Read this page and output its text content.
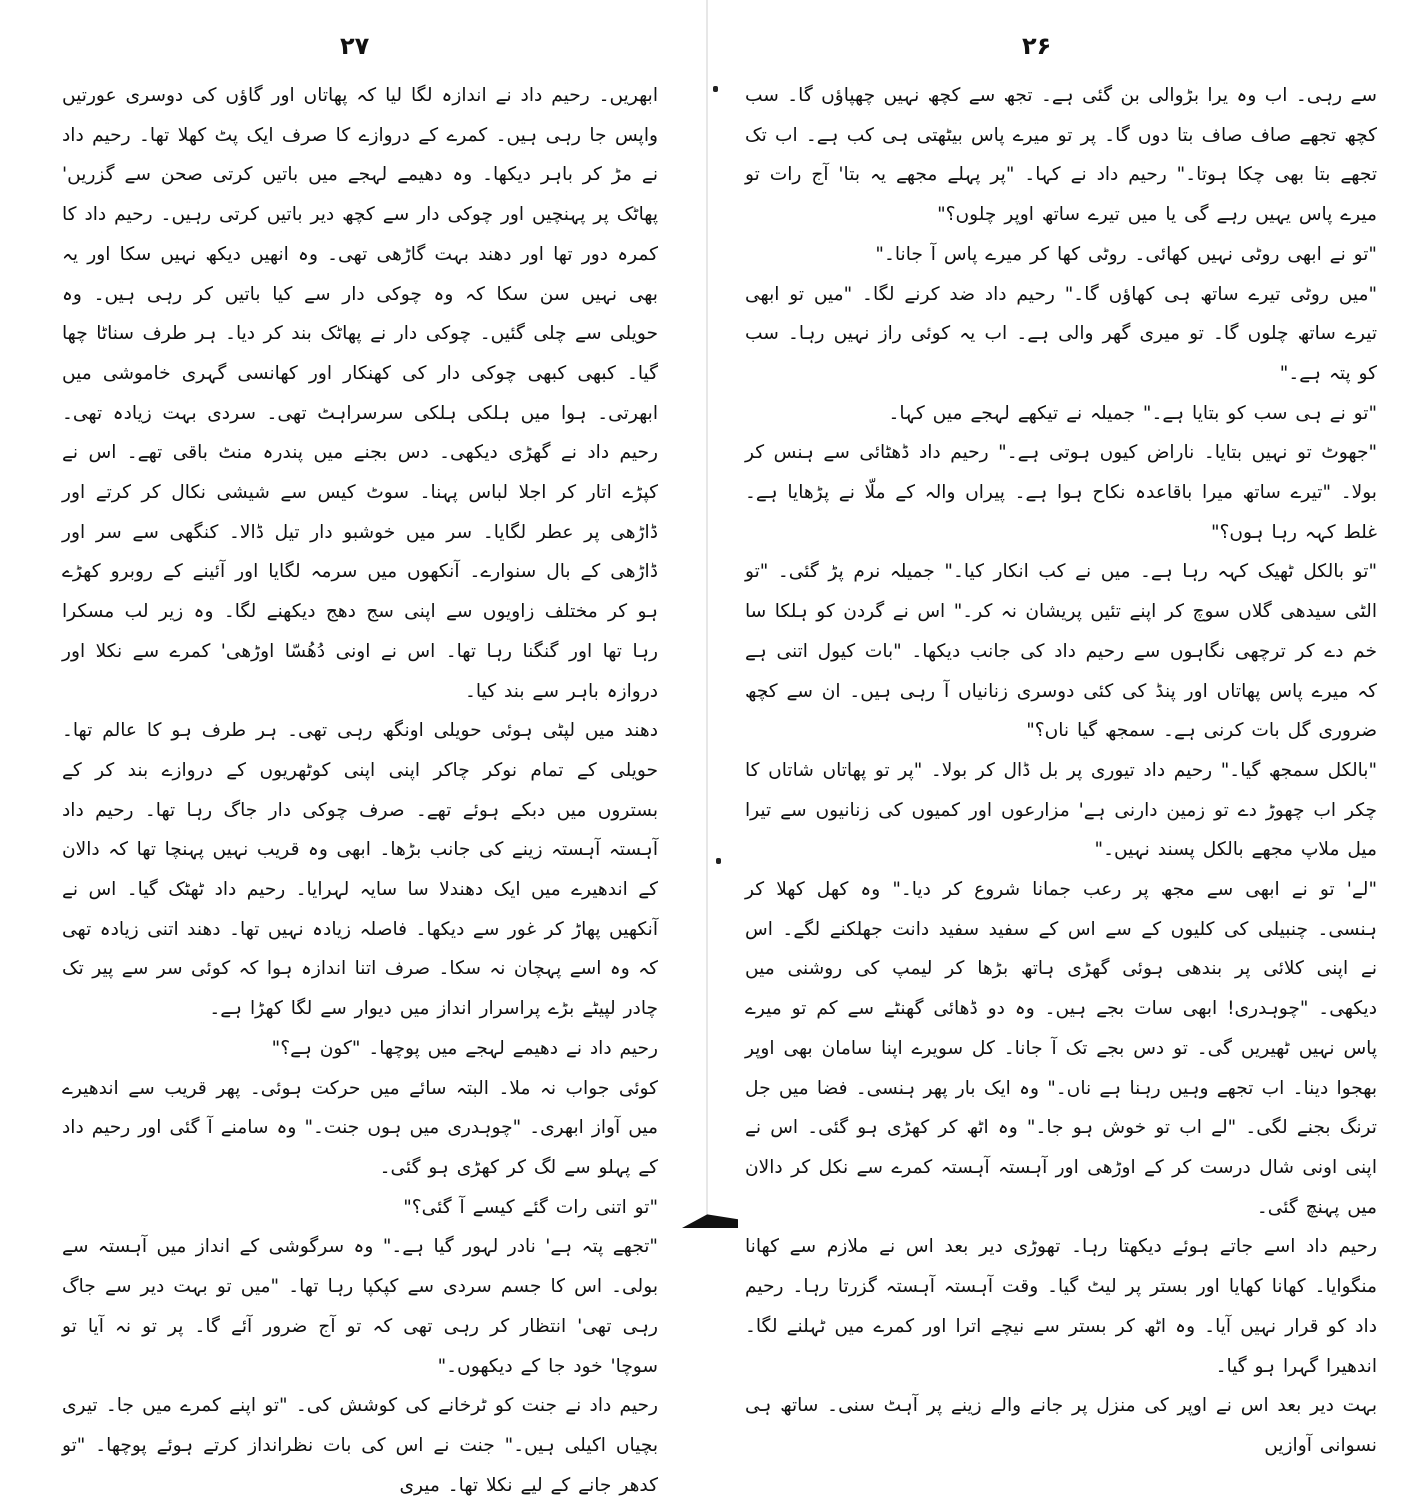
۲۷

ابھریں۔ رحیم داد نے اندازہ لگا لیا کہ پھاتاں اور گاؤں کی دوسری عورتیں واپس جا رہی ہیں۔ کمرے کے دروازے کا صرف ایک پٹ کھلا تھا۔ رحیم داد نے مڑ کر باہر دیکھا۔ وہ دھیمے لہجے میں باتیں کرتی صحن سے گزریں' پھاٹک پر پہنچیں اور چوکی دار سے کچھ دیر باتیں کرتی رہیں۔ رحیم داد کا کمرہ دور تھا اور دھند بہت گاڑھی تھی۔ وہ انھیں دیکھ نہیں سکا اور یہ بھی نہیں سن سکا کہ وہ چوکی دار سے کیا باتیں کر رہی ہیں۔ وہ حویلی سے چلی گئیں۔ چوکی دار نے پھاٹک بند کر دیا۔ ہر طرف سناٹا چھا گیا۔ کبھی کبھی چوکی دار کی کھنکار اور کھانسی گہری خاموشی میں ابھرتی۔ ہوا میں ہلکی ہلکی سرسراہٹ تھی۔ سردی بہت زیادہ تھی۔ رحیم داد نے گھڑی دیکھی۔ دس بجنے میں پندرہ منٹ باقی تھے۔ اس نے کپڑے اتار کر اجلا لباس پہنا۔ سوٹ کیس سے شیشی نکال کر کرتے اور ڈاڑھی پر عطر لگایا۔ سر میں خوشبو دار تیل ڈالا۔ کنگھی سے سر اور ڈاڑھی کے بال سنوارے۔ آنکھوں میں سرمہ لگایا اور آئینے کے روبرو کھڑے ہو کر مختلف زاویوں سے اپنی سج دھج دیکھنے لگا۔ وہ زیر لب مسکرا رہا تھا اور گنگنا رہا تھا۔ اس نے اونی دُھُسّا اوڑھی' کمرے سے نکلا اور دروازہ باہر سے بند کیا۔

دھند میں لپٹی ہوئی حویلی اونگھ رہی تھی۔ ہر طرف ہو کا عالم تھا۔ حویلی کے تمام نوکر چاکر اپنی اپنی کوٹھریوں کے دروازے بند کر کے بستروں میں دبکے ہوئے تھے۔ صرف چوکی دار جاگ رہا تھا۔ رحیم داد آہستہ آہستہ زینے کی جانب بڑھا۔ ابھی وہ قریب نہیں پہنچا تھا کہ دالان کے اندھیرے میں ایک دھندلا سا سایہ لہرایا۔ رحیم داد ٹھٹک گیا۔ اس نے آنکھیں پھاڑ کر غور سے دیکھا۔ فاصلہ زیادہ نہیں تھا۔ دھند اتنی زیادہ تھی کہ وہ اسے پہچان نہ سکا۔ صرف اتنا اندازہ ہوا کہ کوئی سر سے پیر تک چادر لپیٹے بڑے پراسرار انداز میں دیوار سے لگا کھڑا ہے۔

رحیم داد نے دھیمے لہجے میں پوچھا۔ "کون ہے؟"

کوئی جواب نہ ملا۔ البتہ سائے میں حرکت ہوئی۔ پھر قریب سے اندھیرے میں آواز ابھری۔ "چوہدری میں ہوں جنت۔" وہ سامنے آ گئی اور رحیم داد کے پہلو سے لگ کر کھڑی ہو گئی۔

"تو اتنی رات گئے کیسے آ گئی؟"

"تجھے پتہ ہے' نادر لہور گیا ہے۔" وہ سرگوشی کے انداز میں آہستہ سے بولی۔ اس کا جسم سردی سے کپکپا رہا تھا۔ "میں تو بہت دیر سے جاگ رہی تھی' انتظار کر رہی تھی کہ تو آج ضرور آئے گا۔ پر تو نہ آیا تو سوچا' خود جا کے دیکھوں۔"

رحیم داد نے جنت کو ٹرخانے کی کوشش کی۔ "تو اپنے کمرے میں جا۔ تیری بچیاں اکیلی ہیں۔" جنت نے اس کی بات نظرانداز کرتے ہوئے پوچھا۔ "تو کدھر جانے کے لیے نکلا تھا۔ میری

۲۶

سے رہی۔ اب وہ یرا بڑوالی بن گئی ہے۔ تجھ سے کچھ نہیں چھپاؤں گا۔ سب کچھ تجھے صاف صاف بتا دوں گا۔ پر تو میرے پاس بیٹھتی ہی کب ہے۔ اب تک تجھے بتا بھی چکا ہوتا۔" رحیم داد نے کہا۔ "پر پہلے مجھے یہ بتا' آج رات تو میرے پاس یہیں رہے گی یا میں تیرے ساتھ اوپر چلوں؟"

"تو نے ابھی روٹی نہیں کھائی۔ روٹی کھا کر میرے پاس آ جانا۔"

"میں روٹی تیرے ساتھ ہی کھاؤں گا۔" رحیم داد ضد کرنے لگا۔ "میں تو ابھی تیرے ساتھ چلوں گا۔ تو میری گھر والی ہے۔ اب یہ کوئی راز نہیں رہا۔ سب کو پتہ ہے۔"

"تو نے ہی سب کو بتایا ہے۔" جمیلہ نے تیکھے لہجے میں کہا۔

"جھوٹ تو نہیں بتایا۔ ناراض کیوں ہوتی ہے۔" رحیم داد ڈھٹائی سے ہنس کر بولا۔ "تیرے ساتھ میرا باقاعدہ نکاح ہوا ہے۔ پیراں والہ کے ملّا نے پڑھایا ہے۔ غلط کہہ رہا ہوں؟"

"تو بالکل ٹھیک کہہ رہا ہے۔ میں نے کب انکار کیا۔" جمیلہ نرم پڑ گئی۔ "تو الٹی سیدھی گلاں سوچ کر اپنے تئیں پریشان نہ کر۔" اس نے گردن کو ہلکا سا خم دے کر ترچھی نگاہوں سے رحیم داد کی جانب دیکھا۔ "بات کیول اتنی ہے کہ میرے پاس پھاتاں اور پنڈ کی کئی دوسری زنانیاں آ رہی ہیں۔ ان سے کچھ ضروری گل بات کرنی ہے۔ سمجھ گیا ناں؟"

"بالکل سمجھ گیا۔" رحیم داد تیوری پر بل ڈال کر بولا۔ "پر تو پھاتاں شاتاں کا چکر اب چھوڑ دے تو زمین دارنی ہے' مزارعوں اور کمیوں کی زنانیوں سے تیرا میل ملاپ مجھے بالکل پسند نہیں۔"

"لے' تو نے ابھی سے مجھ پر رعب جمانا شروع کر دیا۔" وہ کھل کھلا کر ہنسی۔ چنبیلی کی کلیوں کے سے اس کے سفید سفید دانت جھلکنے لگے۔ اس نے اپنی کلائی پر بندھی ہوئی گھڑی ہاتھ بڑھا کر لیمپ کی روشنی میں دیکھی۔ "چوہدری! ابھی سات بجے ہیں۔ وہ دو ڈھائی گھنٹے سے کم تو میرے پاس نہیں ٹھیریں گی۔ تو دس بجے تک آ جانا۔ کل سویرے اپنا سامان بھی اوپر بھجوا دینا۔ اب تجھے وہیں رہنا ہے ناں۔" وہ ایک بار پھر ہنسی۔ فضا میں جل ترنگ بجنے لگی۔ "لے اب تو خوش ہو جا۔" وہ اٹھ کر کھڑی ہو گئی۔ اس نے اپنی اونی شال درست کر کے اوڑھی اور آہستہ آہستہ کمرے سے نکل کر دالان میں پہنچ گئی۔

رحیم داد اسے جاتے ہوئے دیکھتا رہا۔ تھوڑی دیر بعد اس نے ملازم سے کھانا منگوایا۔ کھانا کھایا اور بستر پر لیٹ گیا۔ وقت آہستہ آہستہ گزرتا رہا۔ رحیم داد کو قرار نہیں آیا۔ وہ اٹھ کر بستر سے نیچے اترا اور کمرے میں ٹہلنے لگا۔ اندھیرا گہرا ہو گیا۔

بہت دیر بعد اس نے اوپر کی منزل پر جانے والے زینے پر آہٹ سنی۔ ساتھ ہی نسوانی آوازیں
